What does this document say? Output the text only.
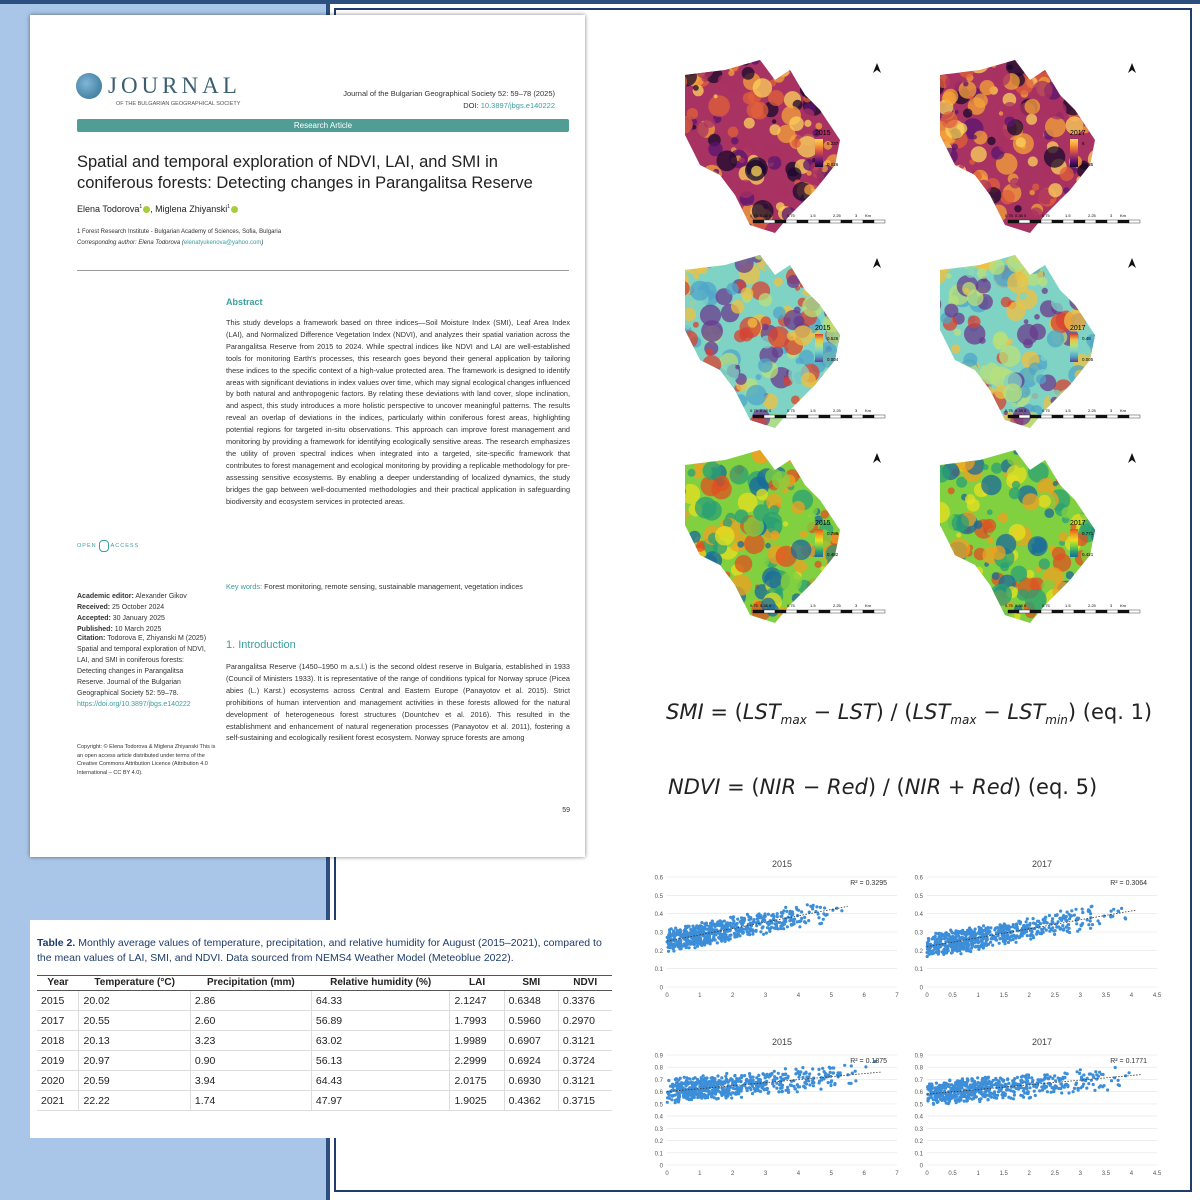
JOURNAL
OF THE BULGARIAN GEOGRAPHICAL SOCIETY
Journal of the Bulgarian Geographical Society 52: 59–78 (2025)
DOI: 10.3897/jbgs.e140222
Research Article
Spatial and temporal exploration of NDVI, LAI, and SMI in coniferous forests: Detecting changes in Parangalitsa Reserve
Elena Todorova$^1$ , Miglena Zhiyanski$^1$
1 Forest Research Institute - Bulgarian Academy of Sciences, Sofia, Bulgaria
Corresponding author: Elena Todorova (elenatyukenova@yahoo.com)
Abstract
This study develops a framework based on three indices—Soil Moisture Index (SMI), Leaf Area Index (LAI), and Normalized Difference Vegetation Index (NDVI), and analyzes their spatial variation across the Parangalitsa Reserve from 2015 to 2024. While spectral indices like NDVI and LAI are well-established tools for monitoring Earth's processes, this research goes beyond their general application by tailoring these indices to the specific context of a high-value protected area. The framework is designed to identify areas with significant deviations in index values over time, which may signal ecological changes influenced by both natural and anthropogenic factors. By relating these deviations with land cover, slope inclination, and aspect, this study introduces a more holistic perspective to uncover meaningful patterns. The results reveal an overlap of deviations in the indices, particularly within coniferous forest areas, highlighting potential regions for targeted in-situ observations. This approach can improve forest management and monitoring by providing a framework for identifying ecologically sensitive areas. The research emphasizes the utility of proven spectral indices when integrated into a targeted, site-specific framework that contributes to forest management and ecological monitoring by providing a replicable methodology for pre-assessing sensitive ecosystems. By enabling a deeper understanding of localized dynamics, the study bridges the gap between well-documented methodologies and their practical application in safeguarding biodiversity and ecosystem services in protected areas.
Key words: Forest monitoring, remote sensing, sustainable management, vegetation indices
OPEN	ACCESS
Academic editor: Alexander Gikov
Received: 25 October 2024
Accepted: 30 January 2025
Published: 10 March 2025
Citation: Todorova E, Zhiyanski M (2025) Spatial and temporal exploration of NDVI, LAI, and SMI in coniferous forests: Detecting changes in Parangalitsa Reserve. Journal of the Bulgarian Geographical Society 52: 59–78. https://doi.org/10.3897/jbgs.e140222
Copyright: © Elena Todorova & Miglena Zhiyanski This is an open access article distributed under terms of the Creative Commons Attribution Licence (Attribution 4.0 International – CC BY 4.0).
1. Introduction
Parangalitsa Reserve (1450–1950 m a.s.l.) is the second oldest reserve in Bulgaria, established in 1933 (Council of Ministers 1933). It is representative of the range of conditions typical for Norway spruce (Picea abies (L.) Karst.) ecosystems across Central and Eastern Europe (Panayotov et al. 2015). Strict prohibitions of human intervention and management activities in these forests allowed for the natural development of heterogeneous forest structures (Dountchev et al. 2016). This resulted in the establishment and enhancement of natural regeneration processes (Panayotov et al. 2011), fostering a self-sustaining and ecologically resilient forest ecosystem. Norway spruce forests are among
59
Table 2. Monthly average values of temperature, precipitation, and relative humidity for August (2015–2021), compared to the mean values of LAI, SMI, and NDVI. Data sourced from NEMS4 Weather Model (Meteoblue 2022).
Year	Temperature (°C)	Precipitation (mm)	Relative humidity (%)	LAI	SMI	NDVI
2015	20.02	2.86	64.33	2.1247	0.6348	0.3376
2017	20.55	2.60	56.89	1.7993	0.5960	0.2970
2018	20.13	3.23	63.02	1.9989	0.6907	0.3121
2019	20.97	0.90	56.13	2.2999	0.6924	0.3724
2020	20.59	3.94	64.43	2.0175	0.6930	0.3121
2021	22.22	1.74	47.97	1.9025	0.4362	0.3715
2015
6.237
0.026
0.75 0.38 0	0.75	1.5	2.25	3 Km
2017
6
0.085
0.75 0.38 0	0.75	1.5	2.25	3 Km
2015
0.526
0.004
0.75 0.38 0	0.75	1.5	2.25	3 Km
2017
0.48
0.005
0.75 0.38 0	0.75	1.5	2.25	3 Km
2015
0.788
0.482
0.75 0.38 0	0.75	1.5	2.25	3 Km
2017
0.771
0.421
0.75 0.38 0	0.75	1.5	2.25	3 Km
SMI = $(LST_{max} - LST) / (LST_{max} - LST_{min})$ (eq. 1)
NDVI = (NIR − Red) / (NIR + Red) (eq. 5)
2015
0
0.1
0.2
0.3
0.4
0.5
0.6
0	1	2	3	4	5	6	7
R² = 0.3295
2017
0
0.1
0.2
0.3
0.4
0.5
0.6
0	0.5	1	1.5	2	2.5	3	3.5	4	4.5
R² = 0.3064
2015
0
0.1
0.2
0.3
0.4
0.5
0.6
0.7
0.8
0.9
0	1	2	3	4	5	6	7
R² = 0.1875
2017
0
0.1
0.2
0.3
0.4
0.5
0.6
0.7
0.8
0.9
0	0.5	1	1.5	2	2.5	3	3.5	4	4.5
R² = 0.1771
